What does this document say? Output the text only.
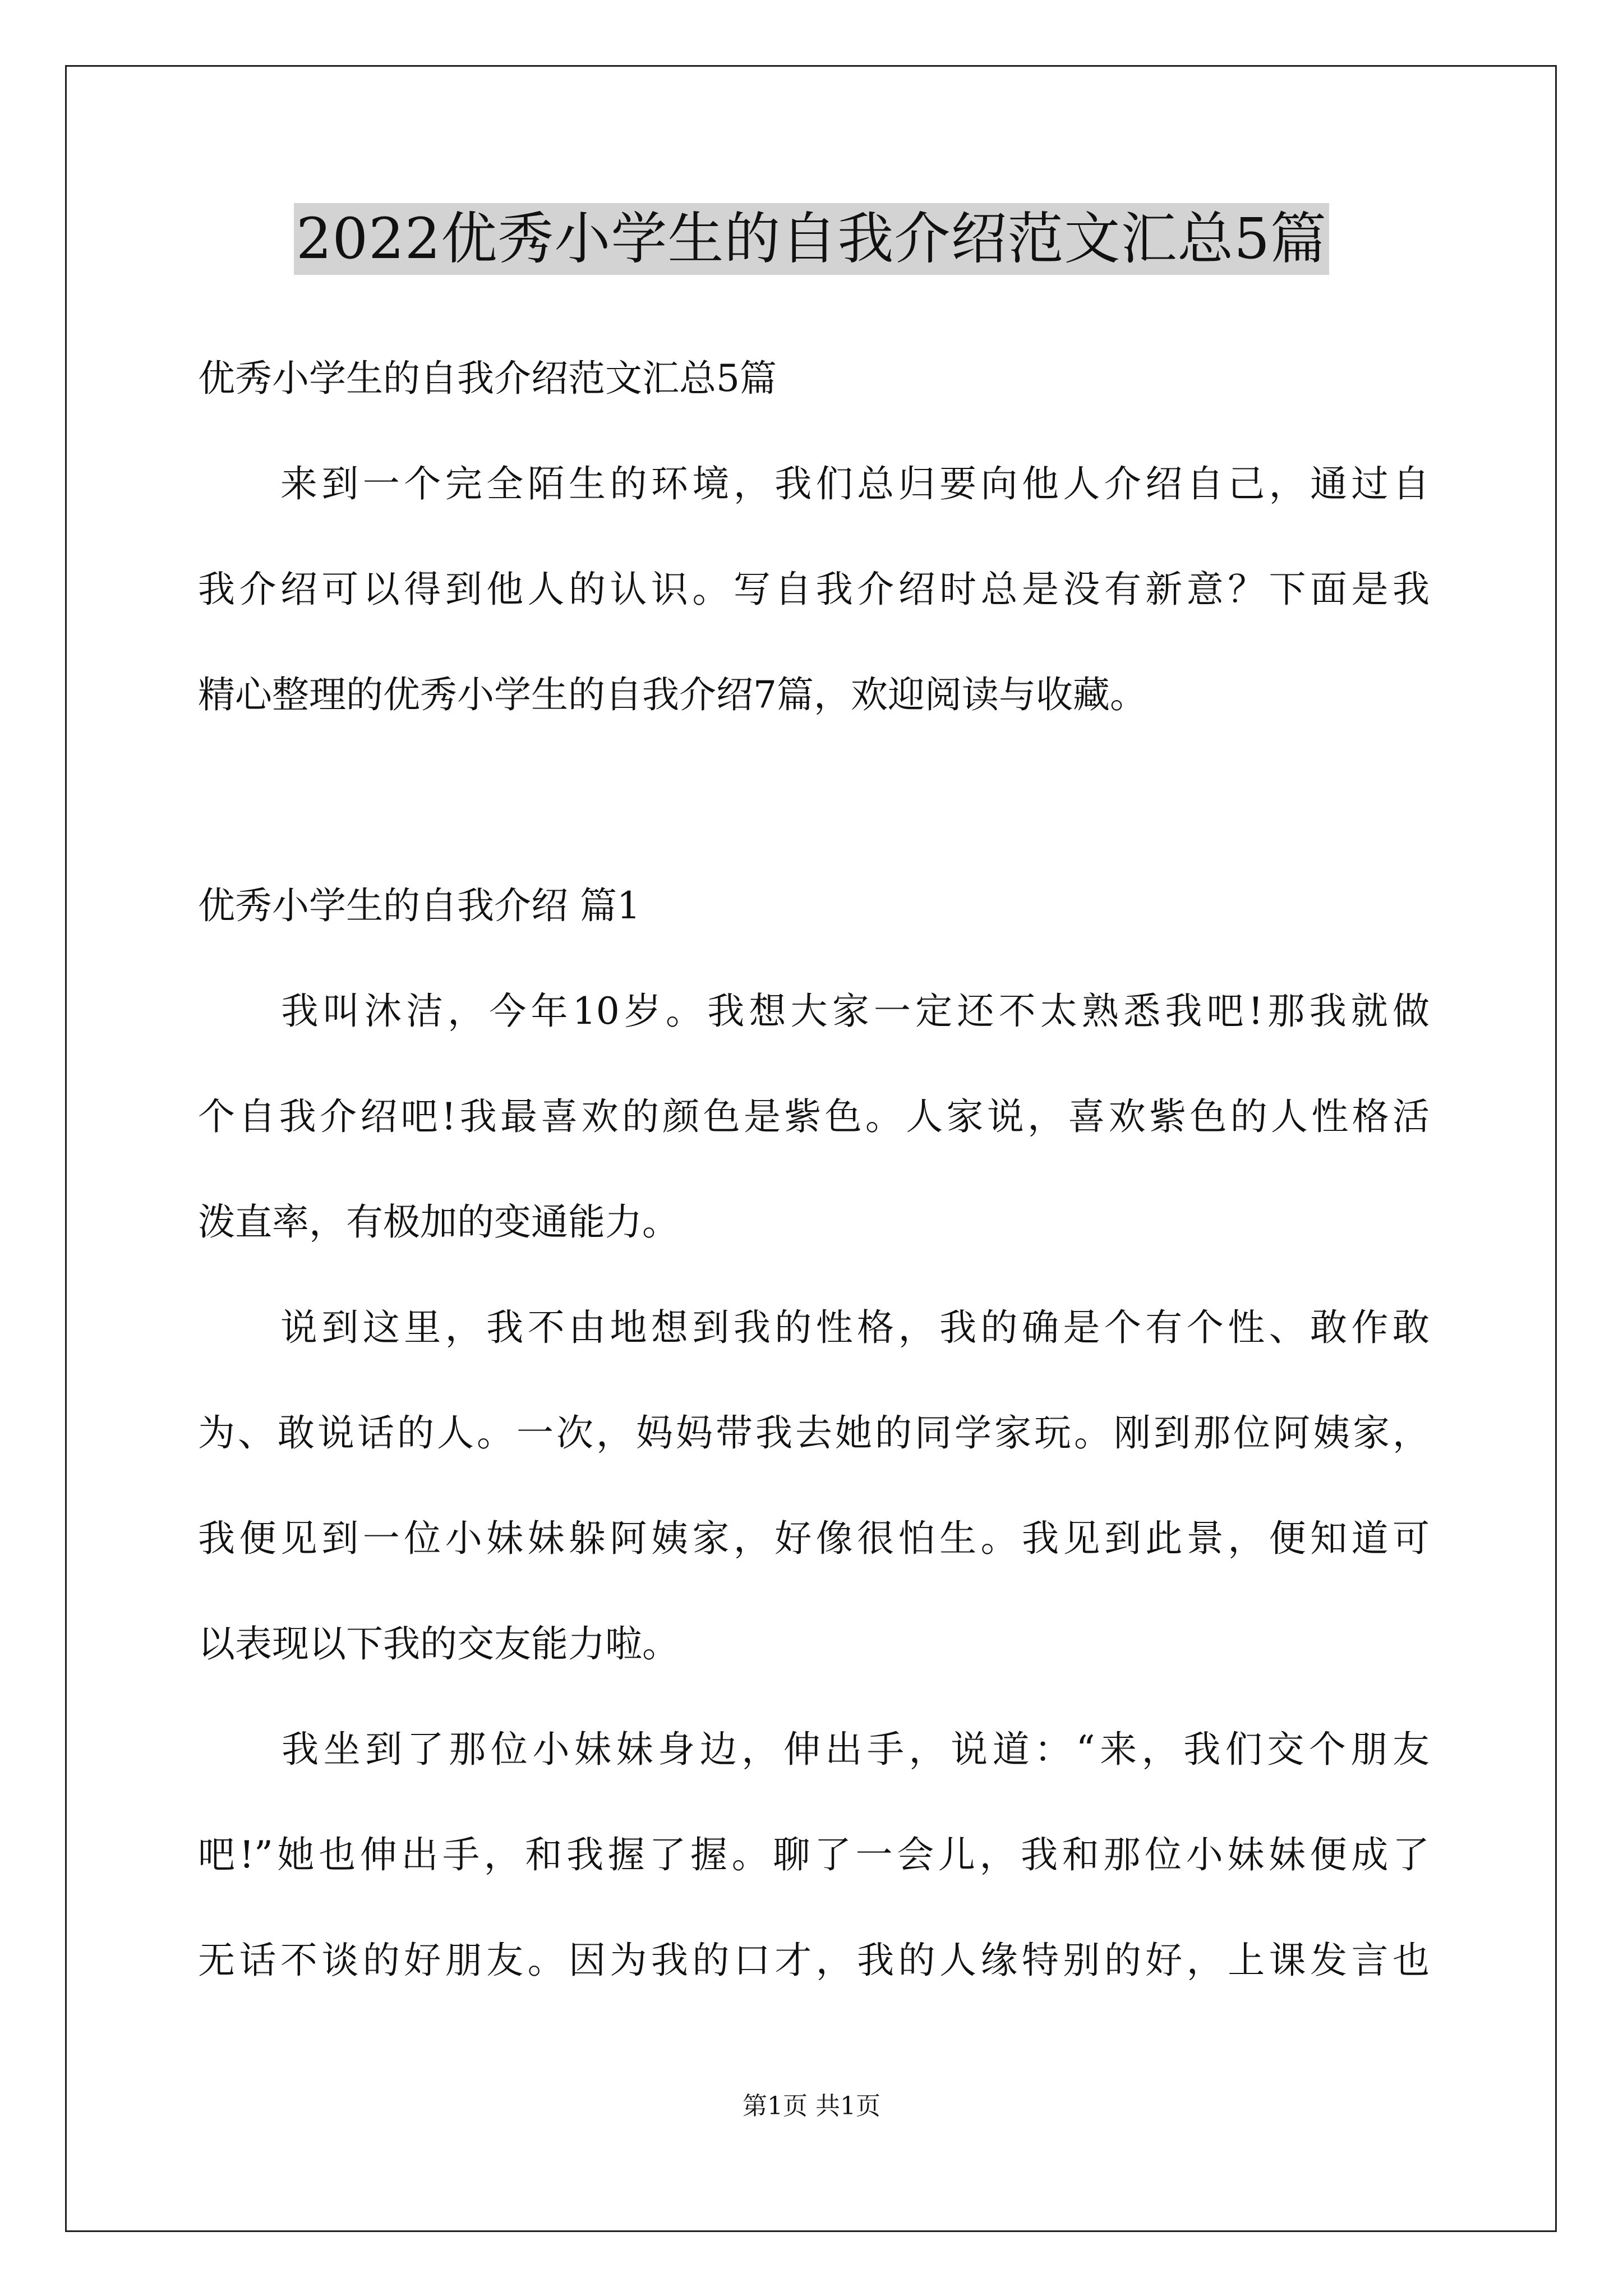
2022优秀小学生的自我介绍范文汇总5篇
优秀小学生的自我介绍范文汇总5篇
　　来到一个完全陌生的环境，我们总归要向他人介绍自己，通过自
我介绍可以得到他人的认识。写自我介绍时总是没有新意？下面是我
精心整理的优秀小学生的自我介绍7篇，欢迎阅读与收藏。
优秀小学生的自我介绍 篇1
　　我叫沐洁，今年10岁。我想大家一定还不太熟悉我吧!那我就做
个自我介绍吧!我最喜欢的颜色是紫色。人家说，喜欢紫色的人性格活
泼直率，有极加的变通能力。
　　说到这里，我不由地想到我的性格，我的确是个有个性、敢作敢
为、敢说话的人。一次，妈妈带我去她的同学家玩。刚到那位阿姨家，
我便见到一位小妹妹躲阿姨家，好像很怕生。我见到此景，便知道可
以表现以下我的交友能力啦。
　　我坐到了那位小妹妹身边，伸出手，说道：“来，我们交个朋友
吧!”她也伸出手，和我握了握。聊了一会儿，我和那位小妹妹便成了
无话不谈的好朋友。因为我的口才，我的人缘特别的好，上课发言也
第1页 共1页
